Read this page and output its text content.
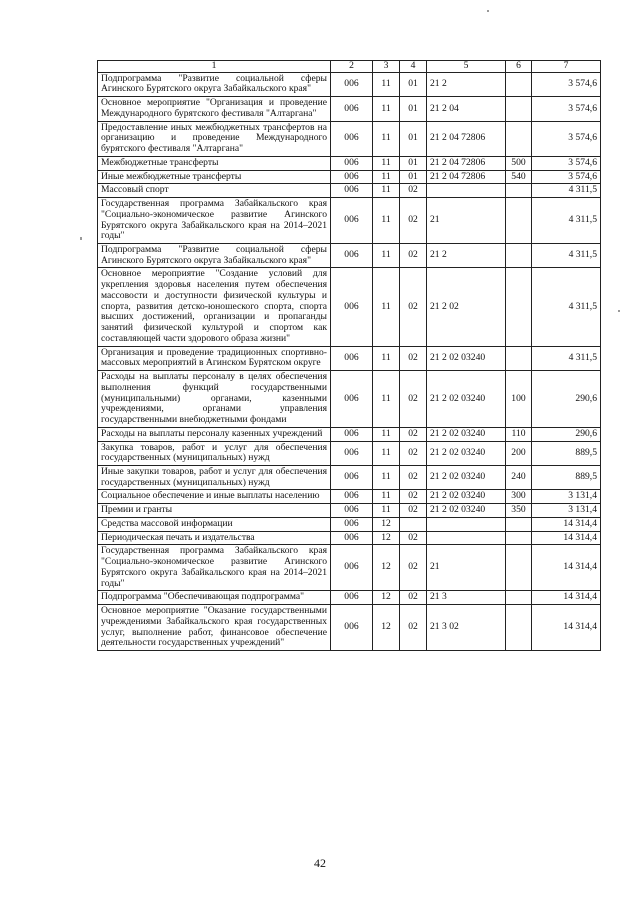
1	2	3	4	5	6	7
Подпрограмма "Развитие социальной сферы Агинского Бурятского округа Забайкальского края"	006	11	01	21 2		3 574,6
Основное мероприятие "Организация и проведение Международного бурятского фестиваля "Алтаргана"	006	11	01	21 2 04		3 574,6
Предоставление иных межбюджетных трансфертов на организацию и проведение Международного бурятского фестиваля "Алтаргана"	006	11	01	21 2 04 72806		3 574,6
Межбюджетные трансферты	006	11	01	21 2 04 72806	500	3 574,6
Иные межбюджетные трансферты	006	11	01	21 2 04 72806	540	3 574,6
Массовый спорт	006	11	02			4 311,5
Государственная программа Забайкальского края "Социально-экономическое развитие Агинского Бурятского округа Забайкальского края на 2014–2021 годы"	006	11	02	21		4 311,5
Подпрограмма "Развитие социальной сферы Агинского Бурятского округа Забайкальского края"	006	11	02	21 2		4 311,5
Основное мероприятие "Создание условий для укрепления здоровья населения путем обеспечения массовости и доступности физической культуры и спорта, развития детско-юношеского спорта, спорта высших достижений, организации и пропаганды занятий физической культурой и спортом как составляющей части здорового образа жизни"	006	11	02	21 2 02		4 311,5
Организация и проведение традиционных спортивно-массовых мероприятий в Агинском Бурятском округе	006	11	02	21 2 02 03240		4 311,5
Расходы на выплаты персоналу в целях обеспечения выполнения функций государственными (муниципальными) органами, казенными учреждениями, органами управления государственными внебюджетными фондами	006	11	02	21 2 02 03240	100	290,6
Расходы на выплаты персоналу казенных учреждений	006	11	02	21 2 02 03240	110	290,6
Закупка товаров, работ и услуг для обеспечения государственных (муниципальных) нужд	006	11	02	21 2 02 03240	200	889,5
Иные закупки товаров, работ и услуг для обеспечения государственных (муниципальных) нужд	006	11	02	21 2 02 03240	240	889,5
Социальное обеспечение и иные выплаты населению	006	11	02	21 2 02 03240	300	3 131,4
Премии и гранты	006	11	02	21 2 02 03240	350	3 131,4
Средства массовой информации	006	12				14 314,4
Периодическая печать и издательства	006	12	02			14 314,4
Государственная программа Забайкальского края "Социально-экономическое развитие Агинского Бурятского округа Забайкальского края на 2014–2021 годы"	006	12	02	21		14 314,4
Подпрограмма "Обеспечивающая подпрограмма"	006	12	02	21 3		14 314,4
Основное мероприятие "Оказание государственными учреждениями Забайкальского края государственных услуг, выполнение работ, финансовое обеспечение деятельности государственных учреждений"	006	12	02	21 3 02		14 314,4
42
